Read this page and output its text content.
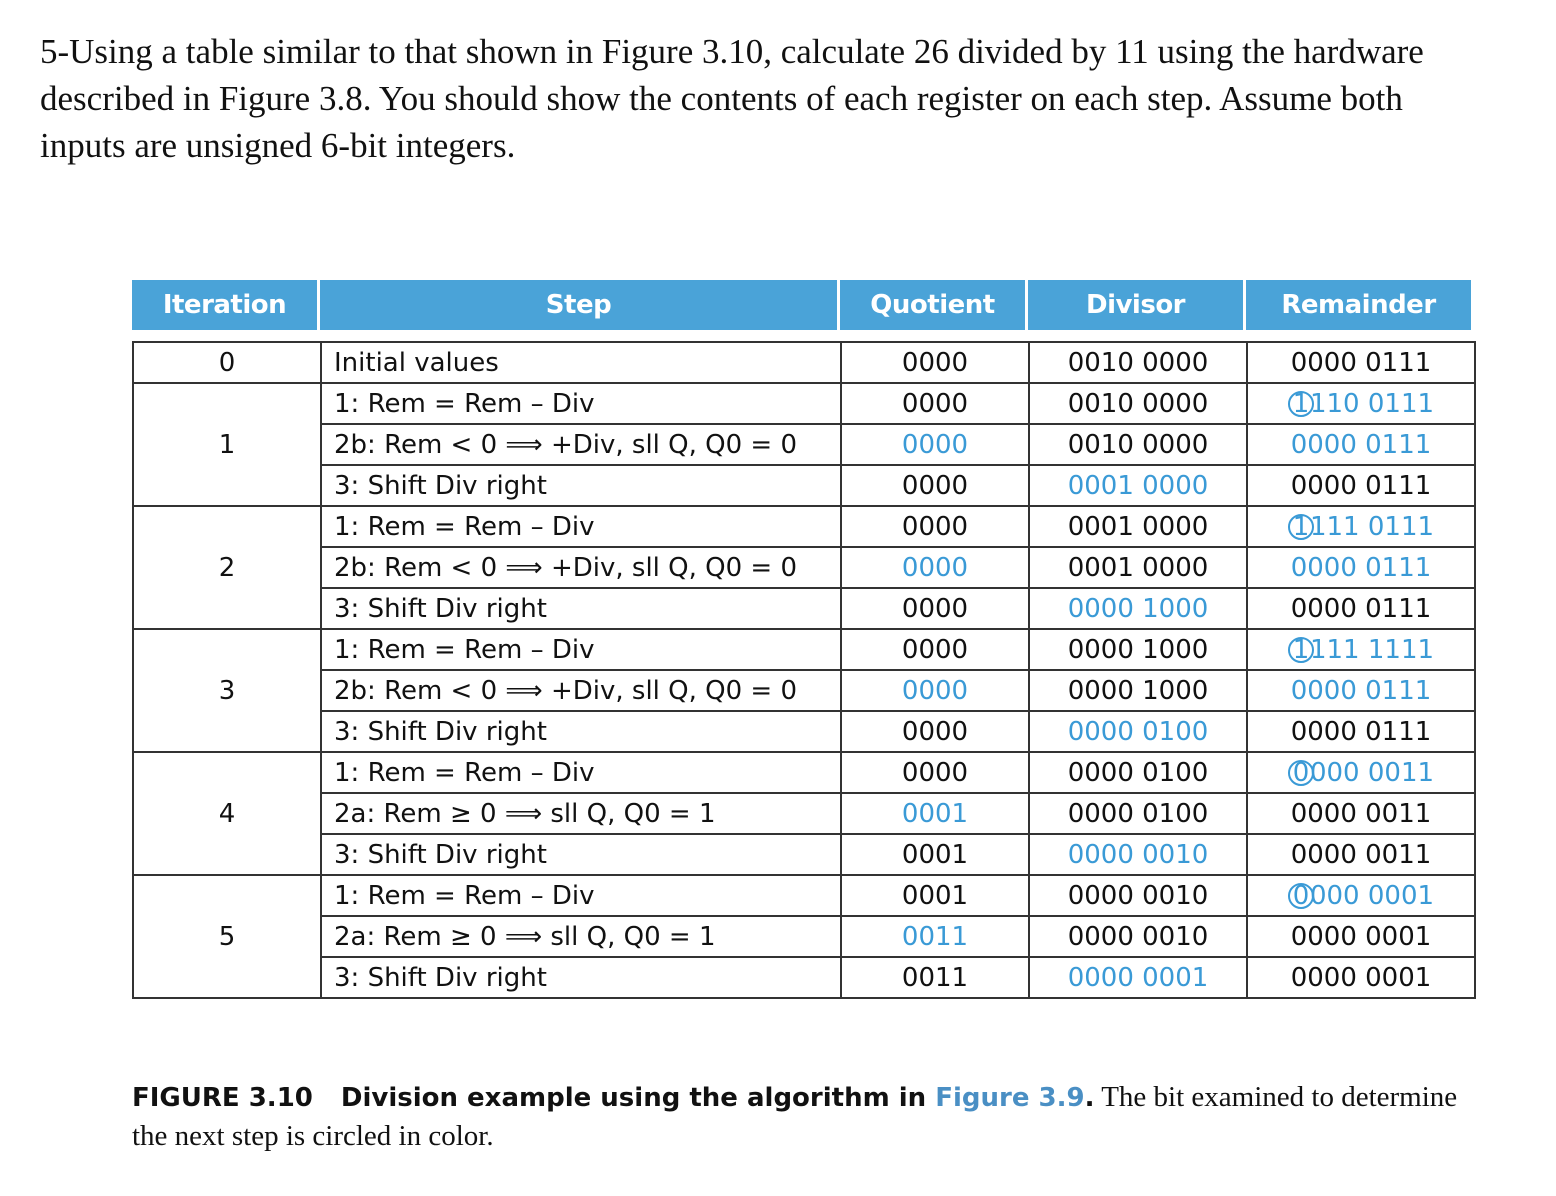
5-Using a table similar to that shown in Figure 3.10, calculate 26 divided by 11 using the hardware described in Figure 3.8. You should show the contents of each register on each step. Assume both inputs are unsigned 6-bit integers.
Iteration	Step	Quotient	Divisor	Remainder
0	Initial values	0000	0010 0000	0000 0111
1	1: Rem = Rem – Div	0000	0010 0000	1110 0111
	2b: Rem < 0 ⟹ +Div, sll Q, Q0 = 0	0000	0010 0000	0000 0111
	3: Shift Div right	0000	0001 0000	0000 0111
2	1: Rem = Rem – Div	0000	0001 0000	1111 0111
	2b: Rem < 0 ⟹ +Div, sll Q, Q0 = 0	0000	0001 0000	0000 0111
	3: Shift Div right	0000	0000 1000	0000 0111
3	1: Rem = Rem – Div	0000	0000 1000	1111 1111
	2b: Rem < 0 ⟹ +Div, sll Q, Q0 = 0	0000	0000 1000	0000 0111
	3: Shift Div right	0000	0000 0100	0000 0111
4	1: Rem = Rem – Div	0000	0000 0100	0000 0011
	2a: Rem ≥ 0 ⟹ sll Q, Q0 = 1	0001	0000 0100	0000 0011
	3: Shift Div right	0001	0000 0010	0000 0011
5	1: Rem = Rem – Div	0001	0000 0010	0000 0001
	2a: Rem ≥ 0 ⟹ sll Q, Q0 = 1	0011	0000 0010	0000 0001
	3: Shift Div right	0011	0000 0001	0000 0001
FIGURE 3.10 Division example using the algorithm in Figure 3.9. The bit examined to determine the next step is circled in color.
